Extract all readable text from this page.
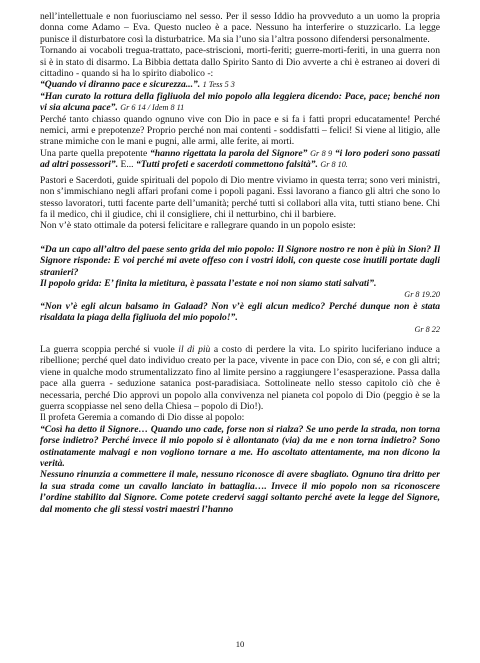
nell’intellettuale e non fuoriusciamo nel sesso. Per il sesso Iddio ha provveduto a un uomo la propria donna come Adamo – Eva. Questo nucleo è a pace. Nessuno ha interferire o stuzzicarlo. La legge punisce il disturbatore così la disturbatrice. Ma sia l’uno sia l’altra possono difendersi personalmente.

Tornando ai vocaboli tregua-trattato, pace-striscioni, morti-feriti; guerre-morti-feriti, in una guerra non si è in stato di disarmo. La Bibbia dettata dallo Spirito Santo di Dio avverte a chi è estraneo ai doveri di cittadino - quando si ha lo spirito diabolico -:

“Quando vi diranno pace e sicurezza...”. 1 Tess 5 3

“Han curato la rottura della figliuola del mio popolo alla leggiera dicendo: Pace, pace; benché non vi sia alcuna pace”. Gr 6 14 / Idem 8 11

Perché tanto chiasso quando ognuno vive con Dio in pace e si fa i fatti propri educatamente! Perché nemici, armi e prepotenze? Proprio perché non mai contenti - soddisfatti – felici! Si viene al litigio, alle strane mimiche con le mani e pugni, alle armi, alle ferite, ai morti.

Una parte quella prepotente “hanno rigettata la parola del Signore” Gr 8 9 “i loro poderi sono passati ad altri possessori”. E... “Tutti profeti e sacerdoti commettono falsità”. Gr 8 10.

Pastori e Sacerdoti, guide spirituali del popolo di Dio mentre viviamo in questa terra; sono veri ministri, non s’immischiano negli affari profani come i popoli pagani. Essi lavorano a fianco gli altri che sono lo stesso lavoratori, tutti facente parte dell’umanità; perché tutti si collabori alla vita, tutti stiano bene. Chi fa il medico, chi il giudice, chi il consigliere, chi il netturbino, chi il barbiere.

Non v’è stato ottimale da potersi felicitare e rallegrare quando in un popolo esiste:

“Da un capo all’altro del paese sento grida del mio popolo: Il Signore nostro re non è più in Sion? Il Signore risponde: E voi perché mi avete offeso con i vostri idoli, con queste cose inutili portate dagli stranieri?

Il popolo grida: E’ finita la mietitura, è passata l’estate e noi non siamo stati salvati”.

Gr 8 19.20

“Non v’è egli alcun balsamo in Galaad? Non v’è egli alcun medico? Perché dunque non è stata risaldata la piaga della figliuola del mio popolo!”.

Gr 8 22

La guerra scoppia perché si vuole il di più a costo di perdere la vita. Lo spirito luciferiano induce a ribellione; perché quel dato individuo creato per la pace, vivente in pace con Dio, con sé, e con gli altri; viene in qualche modo strumentalizzato fino al limite persino a raggiungere l’esasperazione. Passa dalla pace alla guerra - seduzione satanica post-paradisiaca. Sottolineate nello stesso capitolo ciò che è necessaria, perché Dio approvi un popolo alla convivenza nel pianeta col popolo di Dio (peggio è se la guerra scoppiasse nel seno della Chiesa – popolo di Dio!).

Il profeta Geremia a comando di Dio disse al popolo:

“Così ha detto il Signore… Quando uno cade, forse non si rialza? Se uno perde la strada, non torna forse indietro? Perché invece il mio popolo si è allontanato (via) da me e non torna indietro? Sono ostinatamente malvagi e non vogliono tornare a me. Ho ascoltato attentamente, ma non dicono la verità.

Nessuno rinunzia a commettere il male, nessuno riconosce di avere sbagliato. Ognuno tira dritto per la sua strada come un cavallo lanciato in battaglia…. Invece il mio popolo non sa riconoscere l’ordine stabilito dal Signore. Come potete credervi saggi soltanto perché avete la legge del Signore, dal momento che gli stessi vostri maestri l’hanno

10
